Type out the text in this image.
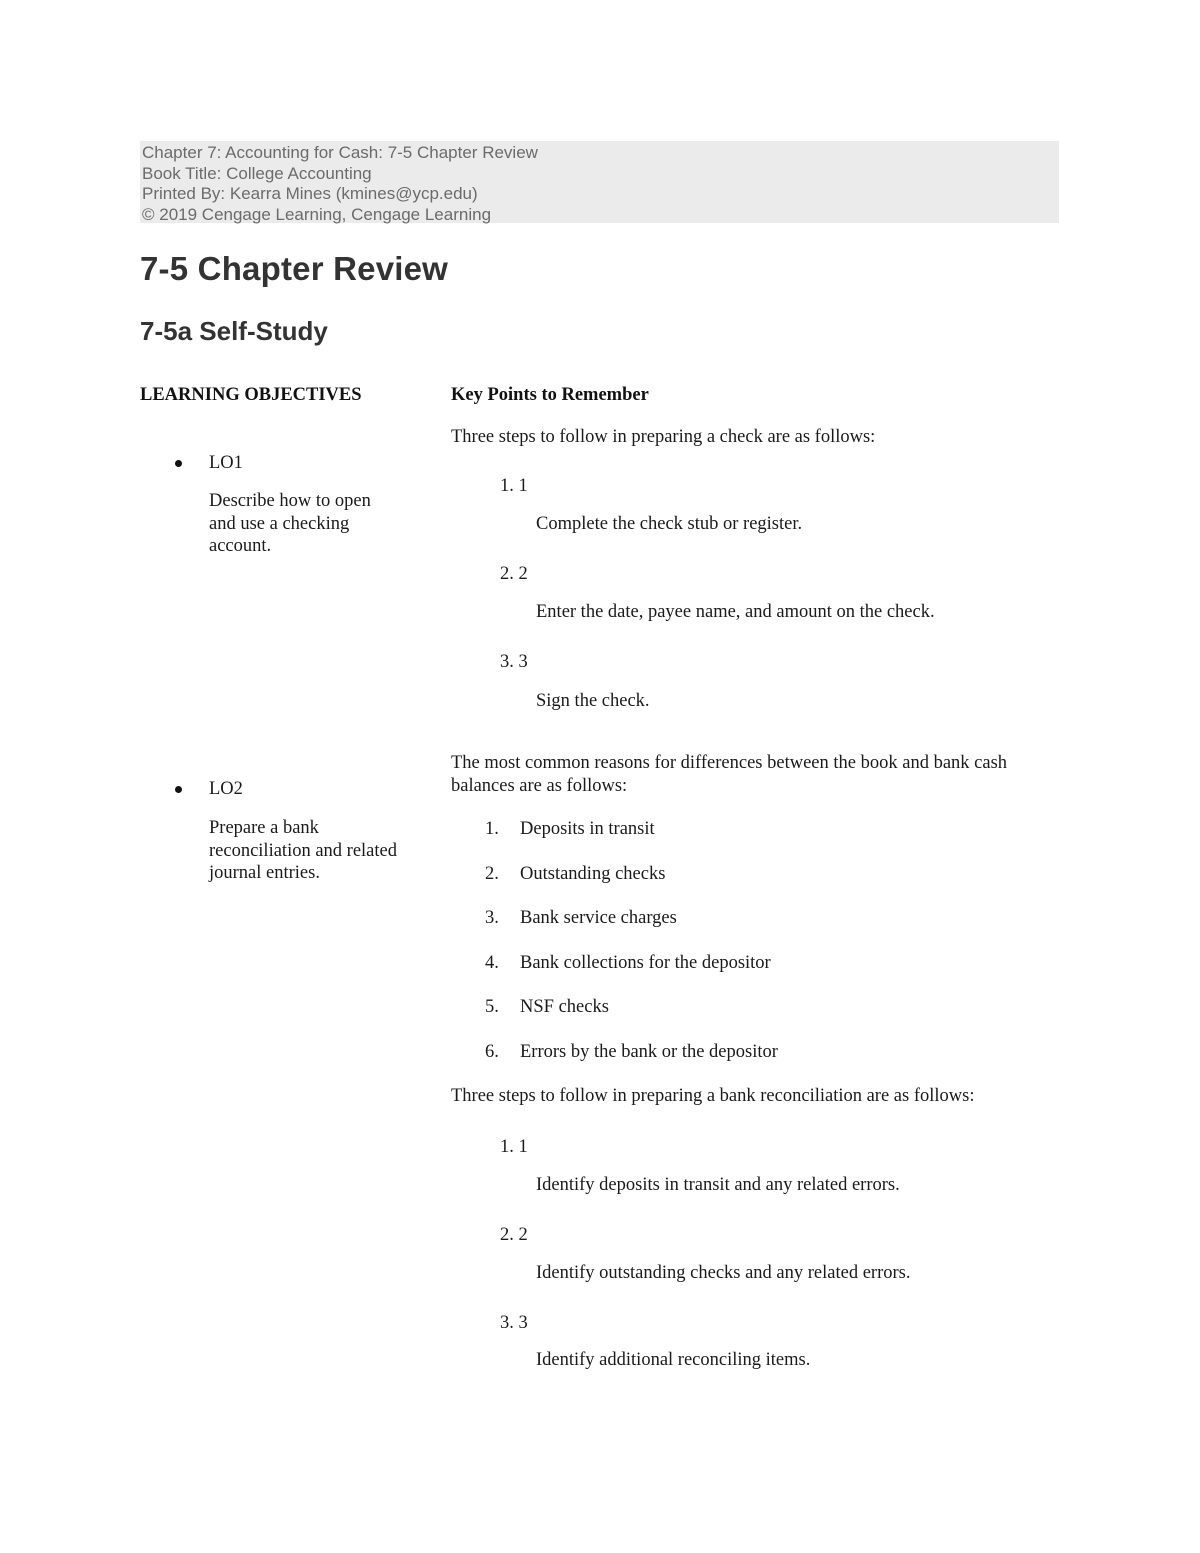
Chapter 7: Accounting for Cash: 7-5 Chapter Review
Book Title: College Accounting
Printed By: Kearra Mines (kmines@ycp.edu)
© 2019 Cengage Learning, Cengage Learning
7-5 Chapter Review
7-5a Self-Study
LEARNING OBJECTIVES
LO1
Describe how to open
and use a checking
account.
LO2
Prepare a bank
reconciliation and related
journal entries.
Key Points to Remember
Three steps to follow in preparing a check are as follows:
1. 1
Complete the check stub or register.
2. 2
Enter the date, payee name, and amount on the check.
3. 3
Sign the check.
The most common reasons for differences between the book and bank cash
balances are as follows:
1. Deposits in transit
2. Outstanding checks
3. Bank service charges
4. Bank collections for the depositor
5. NSF checks
6. Errors by the bank or the depositor
Three steps to follow in preparing a bank reconciliation are as follows:
1. 1
Identify deposits in transit and any related errors.
2. 2
Identify outstanding checks and any related errors.
3. 3
Identify additional reconciling items.
